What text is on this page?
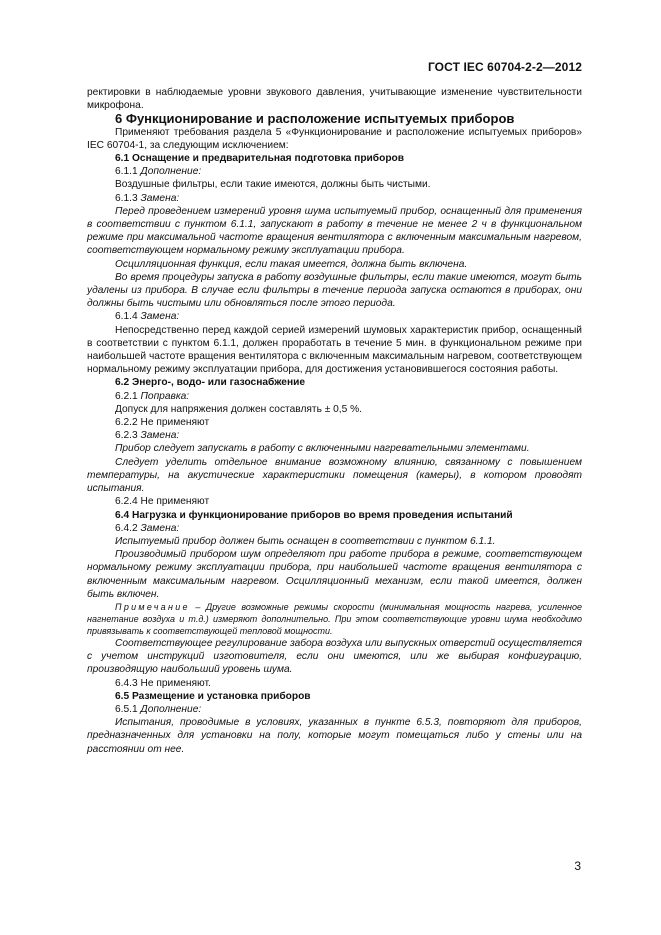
ГОСТ IEC 60704-2-2—2012

ректировки в наблюдаемые уровни звукового давления, учитывающие изменение чувствительности микрофона.

6 Функционирование и расположение испытуемых приборов

Применяют требования раздела 5 «Функционирование и расположение испытуемых приборов» IEC 60704-1, за следующим исключением:

6.1 Оснащение и предварительная подготовка приборов

6.1.1 Дополнение:

Воздушные фильтры, если такие имеются, должны быть чистыми.

6.1.3 Замена:

Перед проведением измерений уровня шума испытуемый прибор, оснащенный для применения в соответствии с пунктом 6.1.1, запускают в работу в течение не менее 2 ч в функциональном режиме при максимальной частоте вращения вентилятора с включенным максимальным нагревом, соответствующем нормальному режиму эксплуатации прибора.

Осцилляционная функция, если такая имеется, должна быть включена.

Во время процедуры запуска в работу воздушные фильтры, если такие имеются, могут быть удалены из прибора. В случае если фильтры в течение периода запуска остаются в приборах, они должны быть чистыми или обновляться после этого периода.

6.1.4 Замена:

Непосредственно перед каждой серией измерений шумовых характеристик прибор, оснащенный в соответствии с пунктом 6.1.1, должен проработать в течение 5 мин. в функциональном режиме при наибольшей частоте вращения вентилятора с включенным максимальным нагревом, соответствующем нормальному режиму эксплуатации прибора, для достижения установившегося состояния работы.

6.2 Энерго-, водо- или газоснабжение

6.2.1 Поправка:

Допуск для напряжения должен составлять ± 0,5 %.

6.2.2 Не применяют

6.2.3 Замена:

Прибор следует запускать в работу с включенными нагревательными элементами.

Следует уделить отдельное внимание возможному влиянию, связанному с повышением температуры, на акустические характеристики помещения (камеры), в котором проводят испытания.

6.2.4 Не применяют

6.4 Нагрузка и функционирование приборов во время проведения испытаний

6.4.2 Замена:

Испытуемый прибор должен быть оснащен в соответствии с пунктом 6.1.1.

Производимый прибором шум определяют при работе прибора в режиме, соответствующем нормальному режиму эксплуатации прибора, при наибольшей частоте вращения вентилятора с включенным максимальным нагревом. Осцилляционный механизм, если такой имеется, должен быть включен.

Примечание – Другие возможные режимы скорости (минимальная мощность нагрева, усиленное нагнетание воздуха и т.д.) измеряют дополнительно. При этом соответствующие уровни шума необходимо привязывать к соответствующей тепловой мощности.

Соответствующее регулирование забора воздуха или выпускных отверстий осуществляется с учетом инструкций изготовителя, если они имеются, или же выбирая конфигурацию, производящую наибольший уровень шума.

6.4.3 Не применяют.

6.5 Размещение и установка приборов

6.5.1 Дополнение:

Испытания, проводимые в условиях, указанных в пункте 6.5.3, повторяют для приборов, предназначенных для установки на полу, которые могут помещаться либо у стены или на расстоянии от нее.

3
